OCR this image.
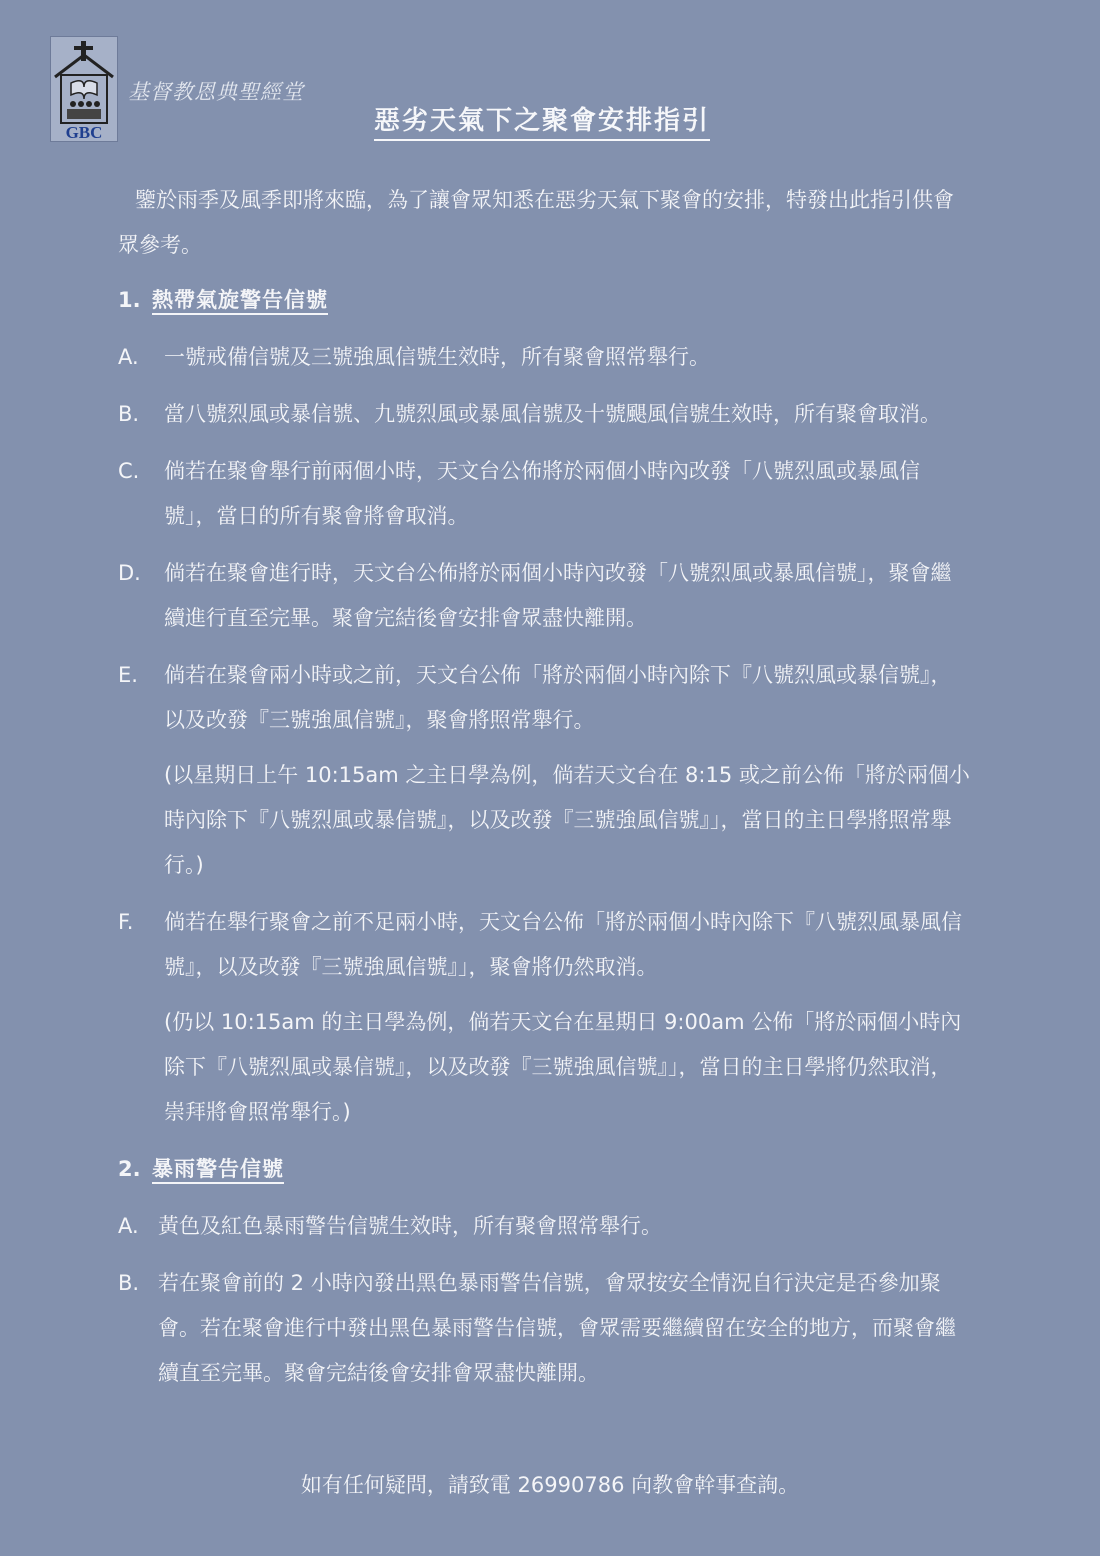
GBC
基督教恩典聖經堂
惡劣天氣下之聚會安排指引

鑒於雨季及風季即將來臨，為了讓會眾知悉在惡劣天氣下聚會的安排，特發出此指引供會眾參考。

1. 熱帶氣旋警告信號
A.	一號戒備信號及三號強風信號生效時，所有聚會照常舉行。
B.	當八號烈風或暴信號、九號烈風或暴風信號及十號颶風信號生效時，所有聚會取消。
C.	倘若在聚會舉行前兩個小時，天文台公佈將於兩個小時內改發「八號烈風或暴風信號」，當日的所有聚會將會取消。
D.	倘若在聚會進行時，天文台公佈將於兩個小時內改發「八號烈風或暴風信號」，聚會繼續進行直至完畢。聚會完結後會安排會眾盡快離開。
E.	倘若在聚會兩小時或之前，天文台公佈「將於兩個小時內除下『八號烈風或暴信號』，以及改發『三號強風信號』，聚會將照常舉行。
(以星期日上午 10:15am 之主日學為例，倘若天文台在 8:15 或之前公佈「將於兩個小時內除下『八號烈風或暴信號』，以及改發『三號強風信號』」，當日的主日學將照常舉行。)
F.	倘若在舉行聚會之前不足兩小時，天文台公佈「將於兩個小時內除下『八號烈風暴風信號』，以及改發『三號強風信號』」，聚會將仍然取消。
(仍以 10:15am 的主日學為例，倘若天文台在星期日 9:00am 公佈「將於兩個小時內除下『八號烈風或暴信號』，以及改發『三號強風信號』」，當日的主日學將仍然取消，崇拜將會照常舉行。)
2. 暴雨警告信號
A. 黃色及紅色暴雨警告信號生效時，所有聚會照常舉行。
B. 若在聚會前的 2 小時內發出黑色暴雨警告信號，會眾按安全情況自行決定是否參加聚會。若在聚會進行中發出黑色暴雨警告信號，會眾需要繼續留在安全的地方，而聚會繼續直至完畢。聚會完結後會安排會眾盡快離開。
如有任何疑問，請致電 26990786 向教會幹事查詢。
